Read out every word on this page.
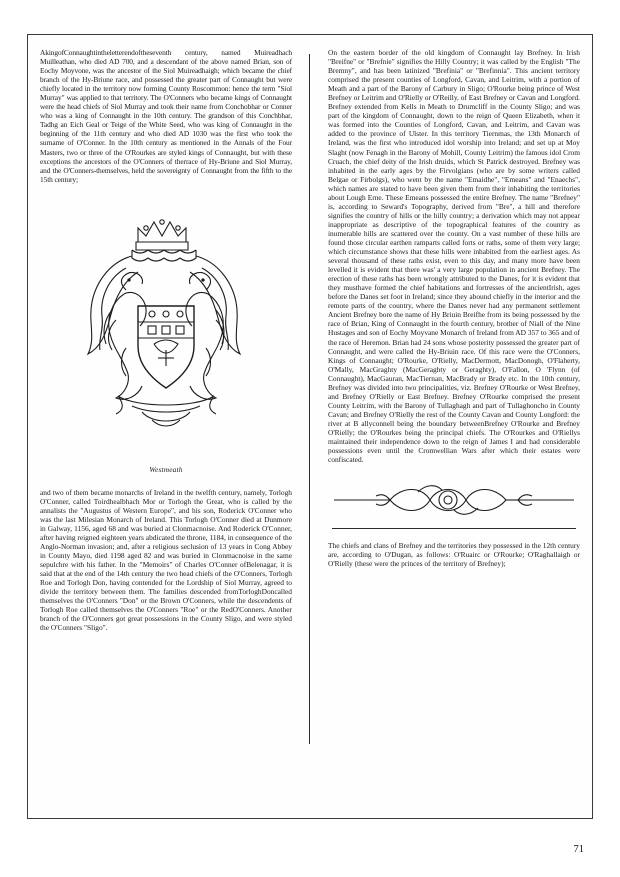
AkingofConnaughtintheletterendoftheseventh century, named Muireadhach Muilleathan, who died AD 700, and a descendant of the above named Brian, son of Eochy Moyvone, was the ancestor of the Siol Muireadhaigh; which became the chief branch of the Hy-Briune race, and possessed the greater part of Connaught but were chiefly located in the territory now forming County Roscommon: hence the term "Siol Murray" was applied to that territory. The O'Conners who became kings of Connaught were the head chiefs of Siol Murray and took their name from Conchobhar or Conner who was a king of Connaught in the 10th century. The grandson of this Conchbhar, Tadhg an Eich Geal or Teige of the White Seed, who was king of Connaught in the beginning of the 11th century and who died AD 1030 was the first who took the surname of O'Conner. In the 10th century as mentioned in the Annals of the Four Masters, two or three of the O'Rourkes are styled kings of Connaught, but with these exceptions the ancestors of the O'Conners of therrace of Hy-Briune and Siol Murray, and the O'Conners-themselves, held the sovereignty of Connaught from the fifth to the 15th century;

Westmeath

and two of them became monarchs of Ireland in the twelfth century, namely, Torlogh O'Conner, called Toirdhealbhach Mor or Torlogh the Great, who is called by the annalists the "Augustus of Western Europe", and his son, Roderick O'Conner who was the last Milesian Monarch of Ireland. This Torlogh O'Conner died at Dunmore in Galway, 1156, aged 68 and was buried at Clonmacnoise. And Roderick O'Conner, after having reigned eighteen years abdicated the throne, 1184, in consequence of the Anglo-Norman invasion; and, after a religious seclusion of 13 years in Cong Abbey in County Mayo, died 1198 aged 82 and was buried in Clonmacnoise in the same sepulchre with his father. In the "Memoirs" of Charles O'Conner ofBelenagar, it is said that at the end of the 14th century the two head chiefs of the O'Conners, Torlogh Roe and Torlogh Don, having contended for the Lordship of Siol Murray, agreed to divide the territory between them. The families descended fromTorloghDoncalled themselves the O'Conners "Don" or the Brown O'Conners, while the descendents of Torlogh Roe called themselves the O'Conners "Roe" or the RedO'Conners. Another branch of the O'Conners got great possessions in the County Sligo, and were styled the O'Conners "Sligo".

On the eastern border of the old kingdom of Connaught lay Brefney. In Irish "Breifne" or "Brefnie" signifies the Hilly Country; it was called by the English "The Bremny", and has been latinized "Brefinia" or "Brefinnia". This ancient territory comprised the present counties of Longford, Cavan, and Leitrim, with a portion of Meath and a part of the Barony of Carbury in Sligo; O'Rourke being prince of West Brefney or Leitrim and O'Rielly or O'Reilly, of East Brefney or Cavan and Longford. Brefney extended from Kells in Meath to Drumcliff in the County Sligo; and was part of the kingdom of Connaught, down to the reign of Queen Elizabeth, when it was formed into the Counties of Longford, Cavan, and Leitrim, and Cavan was added to the province of Ulster. In this territory Tiernmas, the 13th Monarch of Ireland, was the first who introduced idol worship into Ireland; and set up at Moy Slaght (now Fenagh in the Barony of Mohill, County Leitrim) the famous idol Crom Cruach, the chief deity of the Irish druids, which St Patrick destroyed. Brefney was inhabited in the early ages by the Firvolgians (who are by some writers called Belgae or Firbolgs), who went by the name "Emaidhe", "Emeans" and "Enaechs", which names are stated to have been given them from their inhabiting the territories about Lough Erne. These Emeans possessed the entire Brefney. The name "Brefney" is, according to Seward's Topography, derived from "Bre", a hill and therefore signifies the country of hills or the hilly country; a derivation which may not appear inappropriate as descriptive of the topographical features of the country as inumerable hills are scattered over the county. On a vast number of these hills are found those circular earthen ramparts called forts or raths, some of them very large; which circumstance shows that these hills were inhabited from the earliest ages. As several thousand of these raths exist, even to this day, and many more have been levelled it is evident that there was' a very large population in ancient Brefney. The erection of these raths has been wrongly attributed to the Danes, for it is evident that they musthave formed the chief habitations and fortresses of the ancientIrish, ages before the Danes set foot in Ireland; since they abound chiefly in the interior and the remote parts of the country, where the Danes never had any permanent settlement Ancient Brefney bore the name of Hy Briuin Breifhe from its being possessed by the race of Brian, King of Connaught in the fourth century, brother of Niall of the Nine Hustages and son of Eochy Moyvane Monarch of Ireland from AD 357 to 365 and of the race of Heremon. Brian had 24 sons whose posterity possessed the greater part of Connaught, and were called the Hy-Briuin race. Of this race were the O'Conners, Kings of Connaught; O'Rourke, O'Rielly, MacDermott, MacDonogh, O'Flaherty, O'Mally, MacGraghty (MacGeraghty or Geraghty), O'Fallon, O 'Flynn (of Connaught), MacGauran, MacTiernan, MacBrady or Brady etc. In the 10th century, Brefney was divided into two principalities, viz. Brefney O'Rourke or West Brefney, and Brefney O'Rielly or East Brefney. Brefney O'Rourke comprised the present County Leitrim, with the Barony of Tullaghagh and part of Tullaghoncho in County Cavan; and Brefney O'Rielly the rest of the County Cavan and County Longford: the river at B allyconnell being the boundary betweenBrefney O'Rourke and Brefney O'Rielly; the O'Rourkes being the principal chiefs. The O'Rourkes and O'Riellys maintained their independence down to the reign of James I and had considerable possessions even until the Cromwellian Wars after which their estates were confiscated.

The chiefs and clans of Brefney and the territories they possessed in the 12th century are, according to O'Dugan, as follows: O'Ruairc or O'Rourke; O'Raghallaigh or O'Rielly (these were the princes of the territory of Brefney);

71
